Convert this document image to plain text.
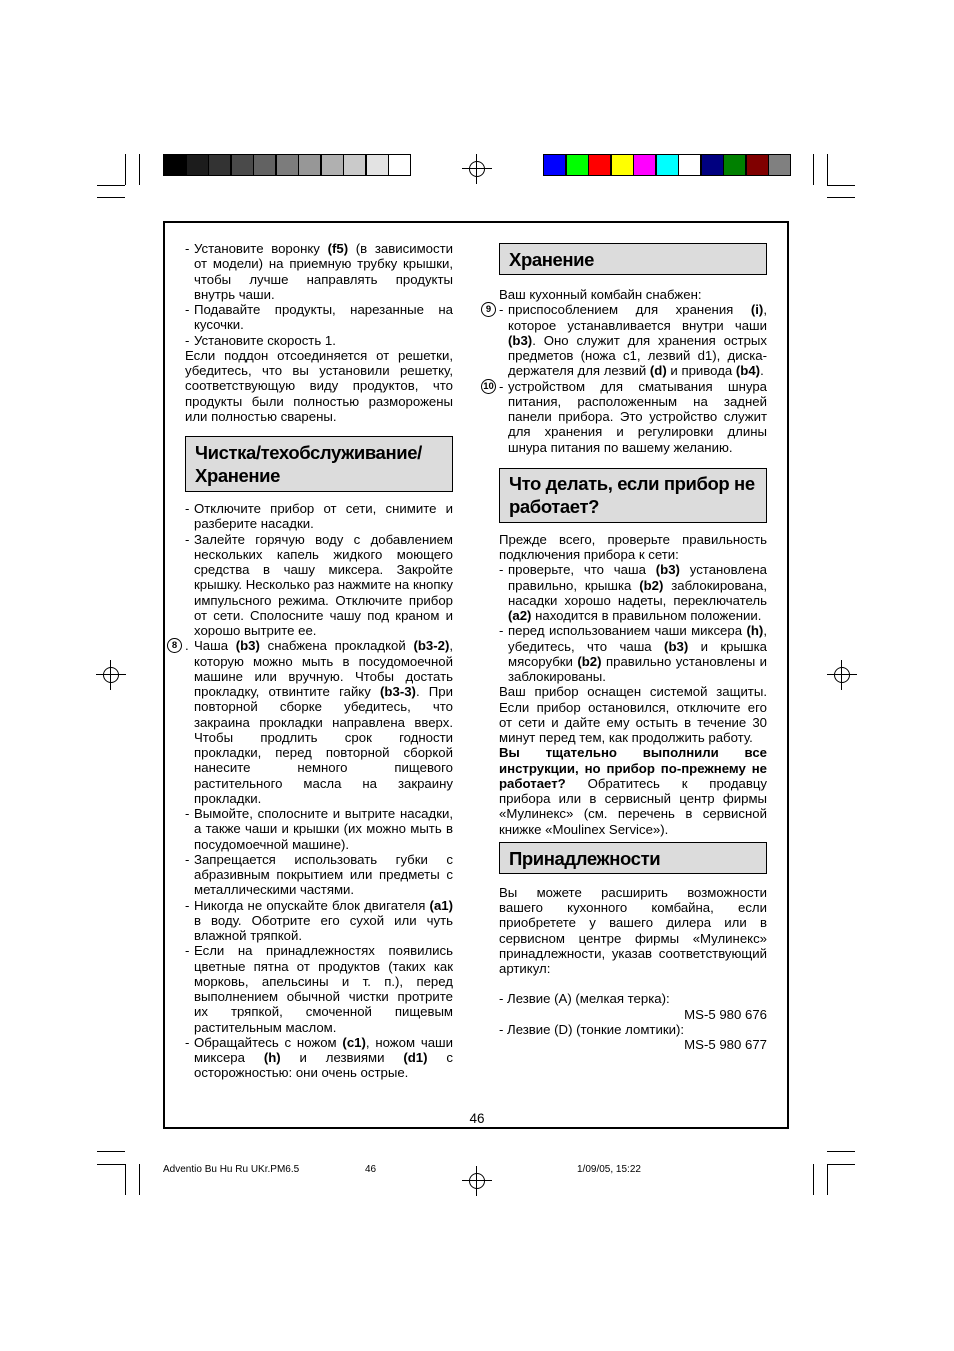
- Установите воронку (f5) (в зависимости от модели) на приемную трубку крышки, чтобы лучше направлять продукты внутрь чаши.
- Подавайте продукты, нарезанные на кусочки.
- Установите скорость 1.

Если поддон отсоединяется от решетки, убедитесь, что вы установили решетку, соответствующую виду продуктов, что продукты были полностью разморожены или полностью сварены.

Чистка/техобслуживание/ Хранение
- Отключите прибор от сети, снимите и разберите насадки.
- Залейте горячую воду с добавлением нескольких капель жидкого моющего средства в чашу миксера. Закройте крышку. Несколько раз нажмите на кнопку импульсного режима. Отключите прибор от сети. Сполосните чашу под краном и хорошо вытрите ее.
8 . Чаша (b3) снабжена прокладкой (b3-2), которую можно мыть в посудомоечной машине или вручную. Чтобы достать прокладку, отвинтите гайку (b3-3). При повторной сборке убедитесь, что закраина прокладки направлена вверх. Чтобы продлить срок годности прокладки, перед повторной сборкой нанесите немного пищевого растительного масла на закраину прокладки.
- Вымойте, сполосните и вытрите насадки, а также чаши и крышки (их можно мыть в посудомоечной машине).
- Запрещается использовать губки с абразивным покрытием или предметы с металлическими частями.
- Никогда не опускайте блок двигателя (a1) в воду. Оботрите его сухой или чуть влажной тряпкой.
- Если на принадлежностях появились цветные пятна от продуктов (таких как морковь, апельсины и т. п.), перед выполнением обычной чистки протрите их тряпкой, смоченной пищевым растительным маслом.
- Обращайтесь с ножом (c1), ножом чаши миксера (h) и лезвиями (d1) с осторожностью: они очень острые.
Хранение

Ваш кухонный комбайн снабжен:

9 - приспособлением для хранения (i), которое устанавливается внутри чаши (b3). Оно служит для хранения острых предметов (ножа с1, лезвий d1), диска-держателя для лезвий (d) и привода (b4).
10 - устройством для сматывания шнура питания, расположенным на задней панели прибора. Это устройство служит для хранения и регулировки длины шнура питания по вашему желанию.
Что делать, если прибор не работает?

Прежде всего, проверьте правильность подключения прибора к сети:

- проверьте, что чаша (b3) установлена правильно, крышка (b2) заблокирована, насадки хорошо надеты, переключатель (a2) находится в правильном положении.
- перед использованием чаши миксера (h), убедитесь, что чаша (b3) и крышка мясорубки (b2) правильно установлены и заблокированы.

Ваш прибор оснащен системой защиты. Если прибор остановился, отключите его от сети и дайте ему остыть в течение 30 минут перед тем, как продолжить работу.

Вы тщательно выполнили все инструкции, но прибор по-прежнему не работает? Обратитесь к продавцу прибора или в сервисный центр фирмы «Мулинекс» (см. перечень в сервисной книжке «Moulinex Service»).

Принадлежности

Вы можете расширить возможности вашего кухонного комбайна, если приобретете у вашего дилера или в сервисном центре фирмы «Мулинекс» принадлежности, указав соответствующий артикул:

- Лезвие (А) (мелкая терка):
MS-5 980 676
- Лезвие (D) (тонкие ломтики):
MS-5 980 677
46
Adventio Bu Hu Ru UKr.PM6.5	46	1/09/05, 15:22
